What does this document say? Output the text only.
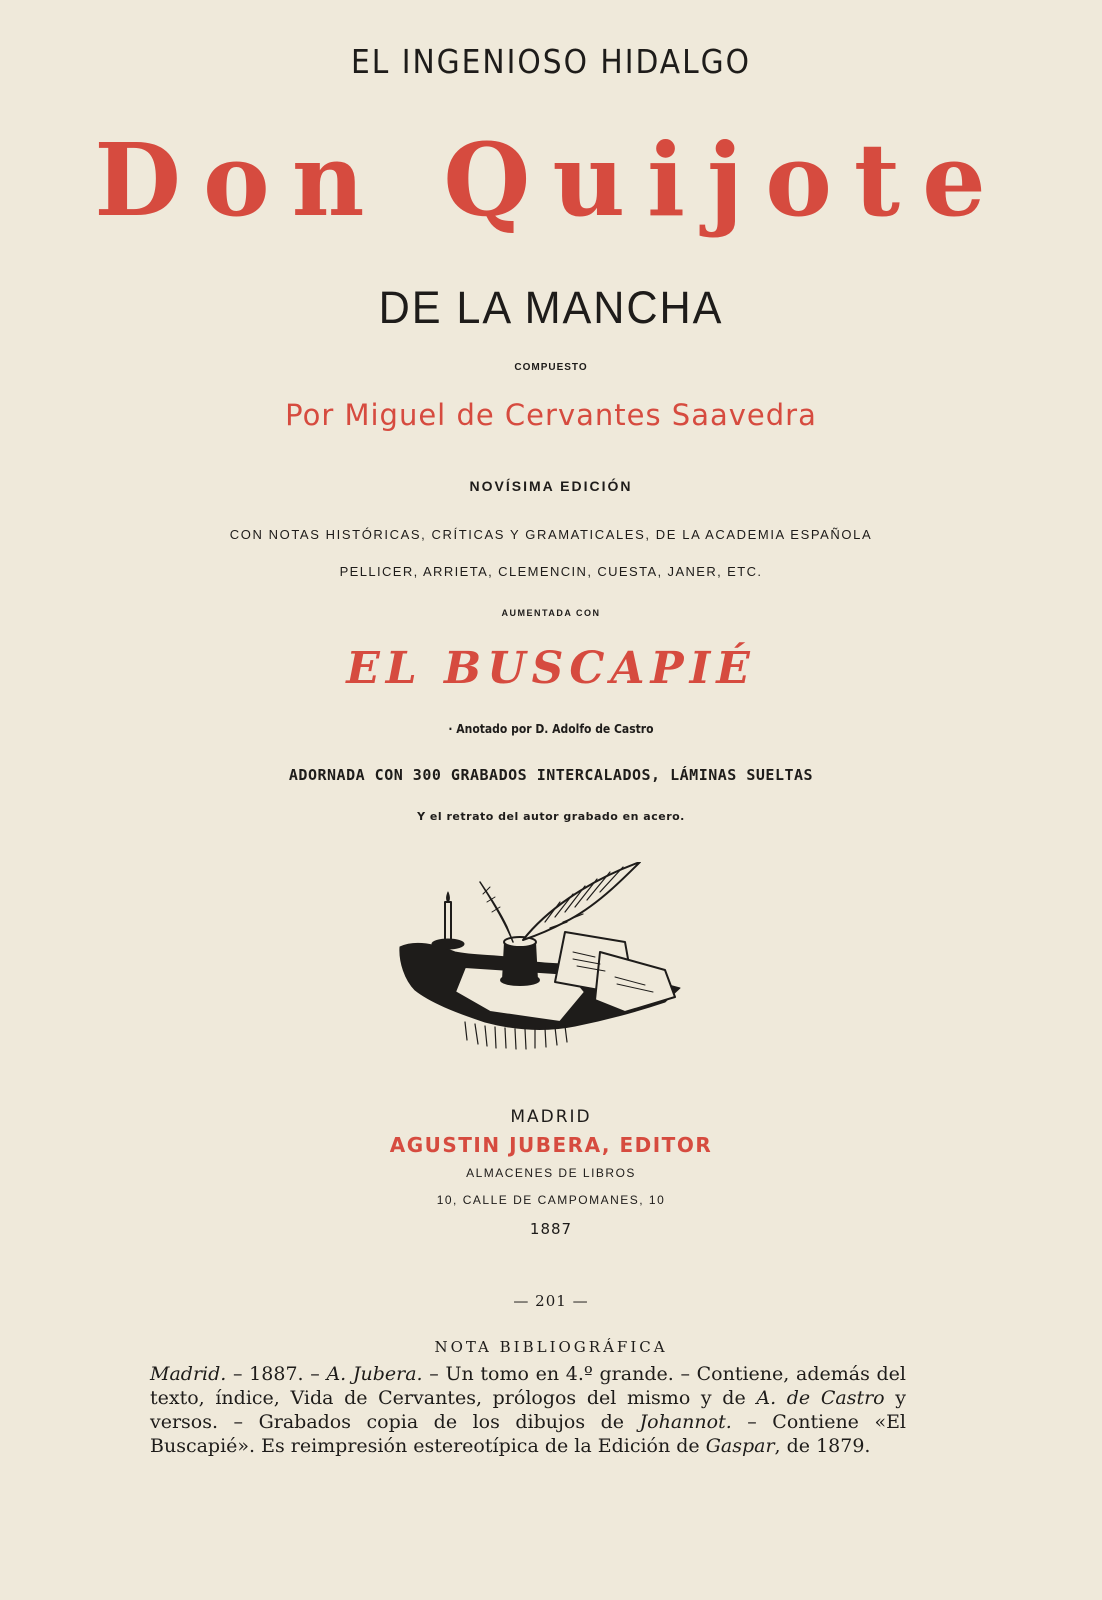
EL INGENIOSO HIDALGO
Don Quijote
DE LA MANCHA
COMPUESTO
Por Miguel de Cervantes Saavedra
NOVÍSIMA EDICIÓN
CON NOTAS HISTÓRICAS, CRÍTICAS Y GRAMATICALES, DE LA ACADEMIA ESPAÑOLA
PELLICER, ARRIETA, CLEMENCIN, CUESTA, JANER, ETC.
AUMENTADA CON
EL BUSCAPIÉ
· Anotado por D. Adolfo de Castro
ADORNADA CON 300 GRABADOS INTERCALADOS, LÁMINAS SUELTAS
Y el retrato del autor grabado en acero.
MADRID
AGUSTIN JUBERA, EDITOR
ALMACENES DE LIBROS
10, CALLE DE CAMPOMANES, 10
1887
— 201 —
NOTA BIBLIOGRÁFICA
Madrid. – 1887. – A. Jubera. – Un tomo en 4.º grande. – Contiene, además del texto, índice, Vida de Cervantes, prólogos del mismo y de A. de Castro y versos. – Grabados copia de los dibujos de Johannot. – Contiene «El Buscapié». Es reimpresión estereotípica de la Edición de Gaspar, de 1879.
